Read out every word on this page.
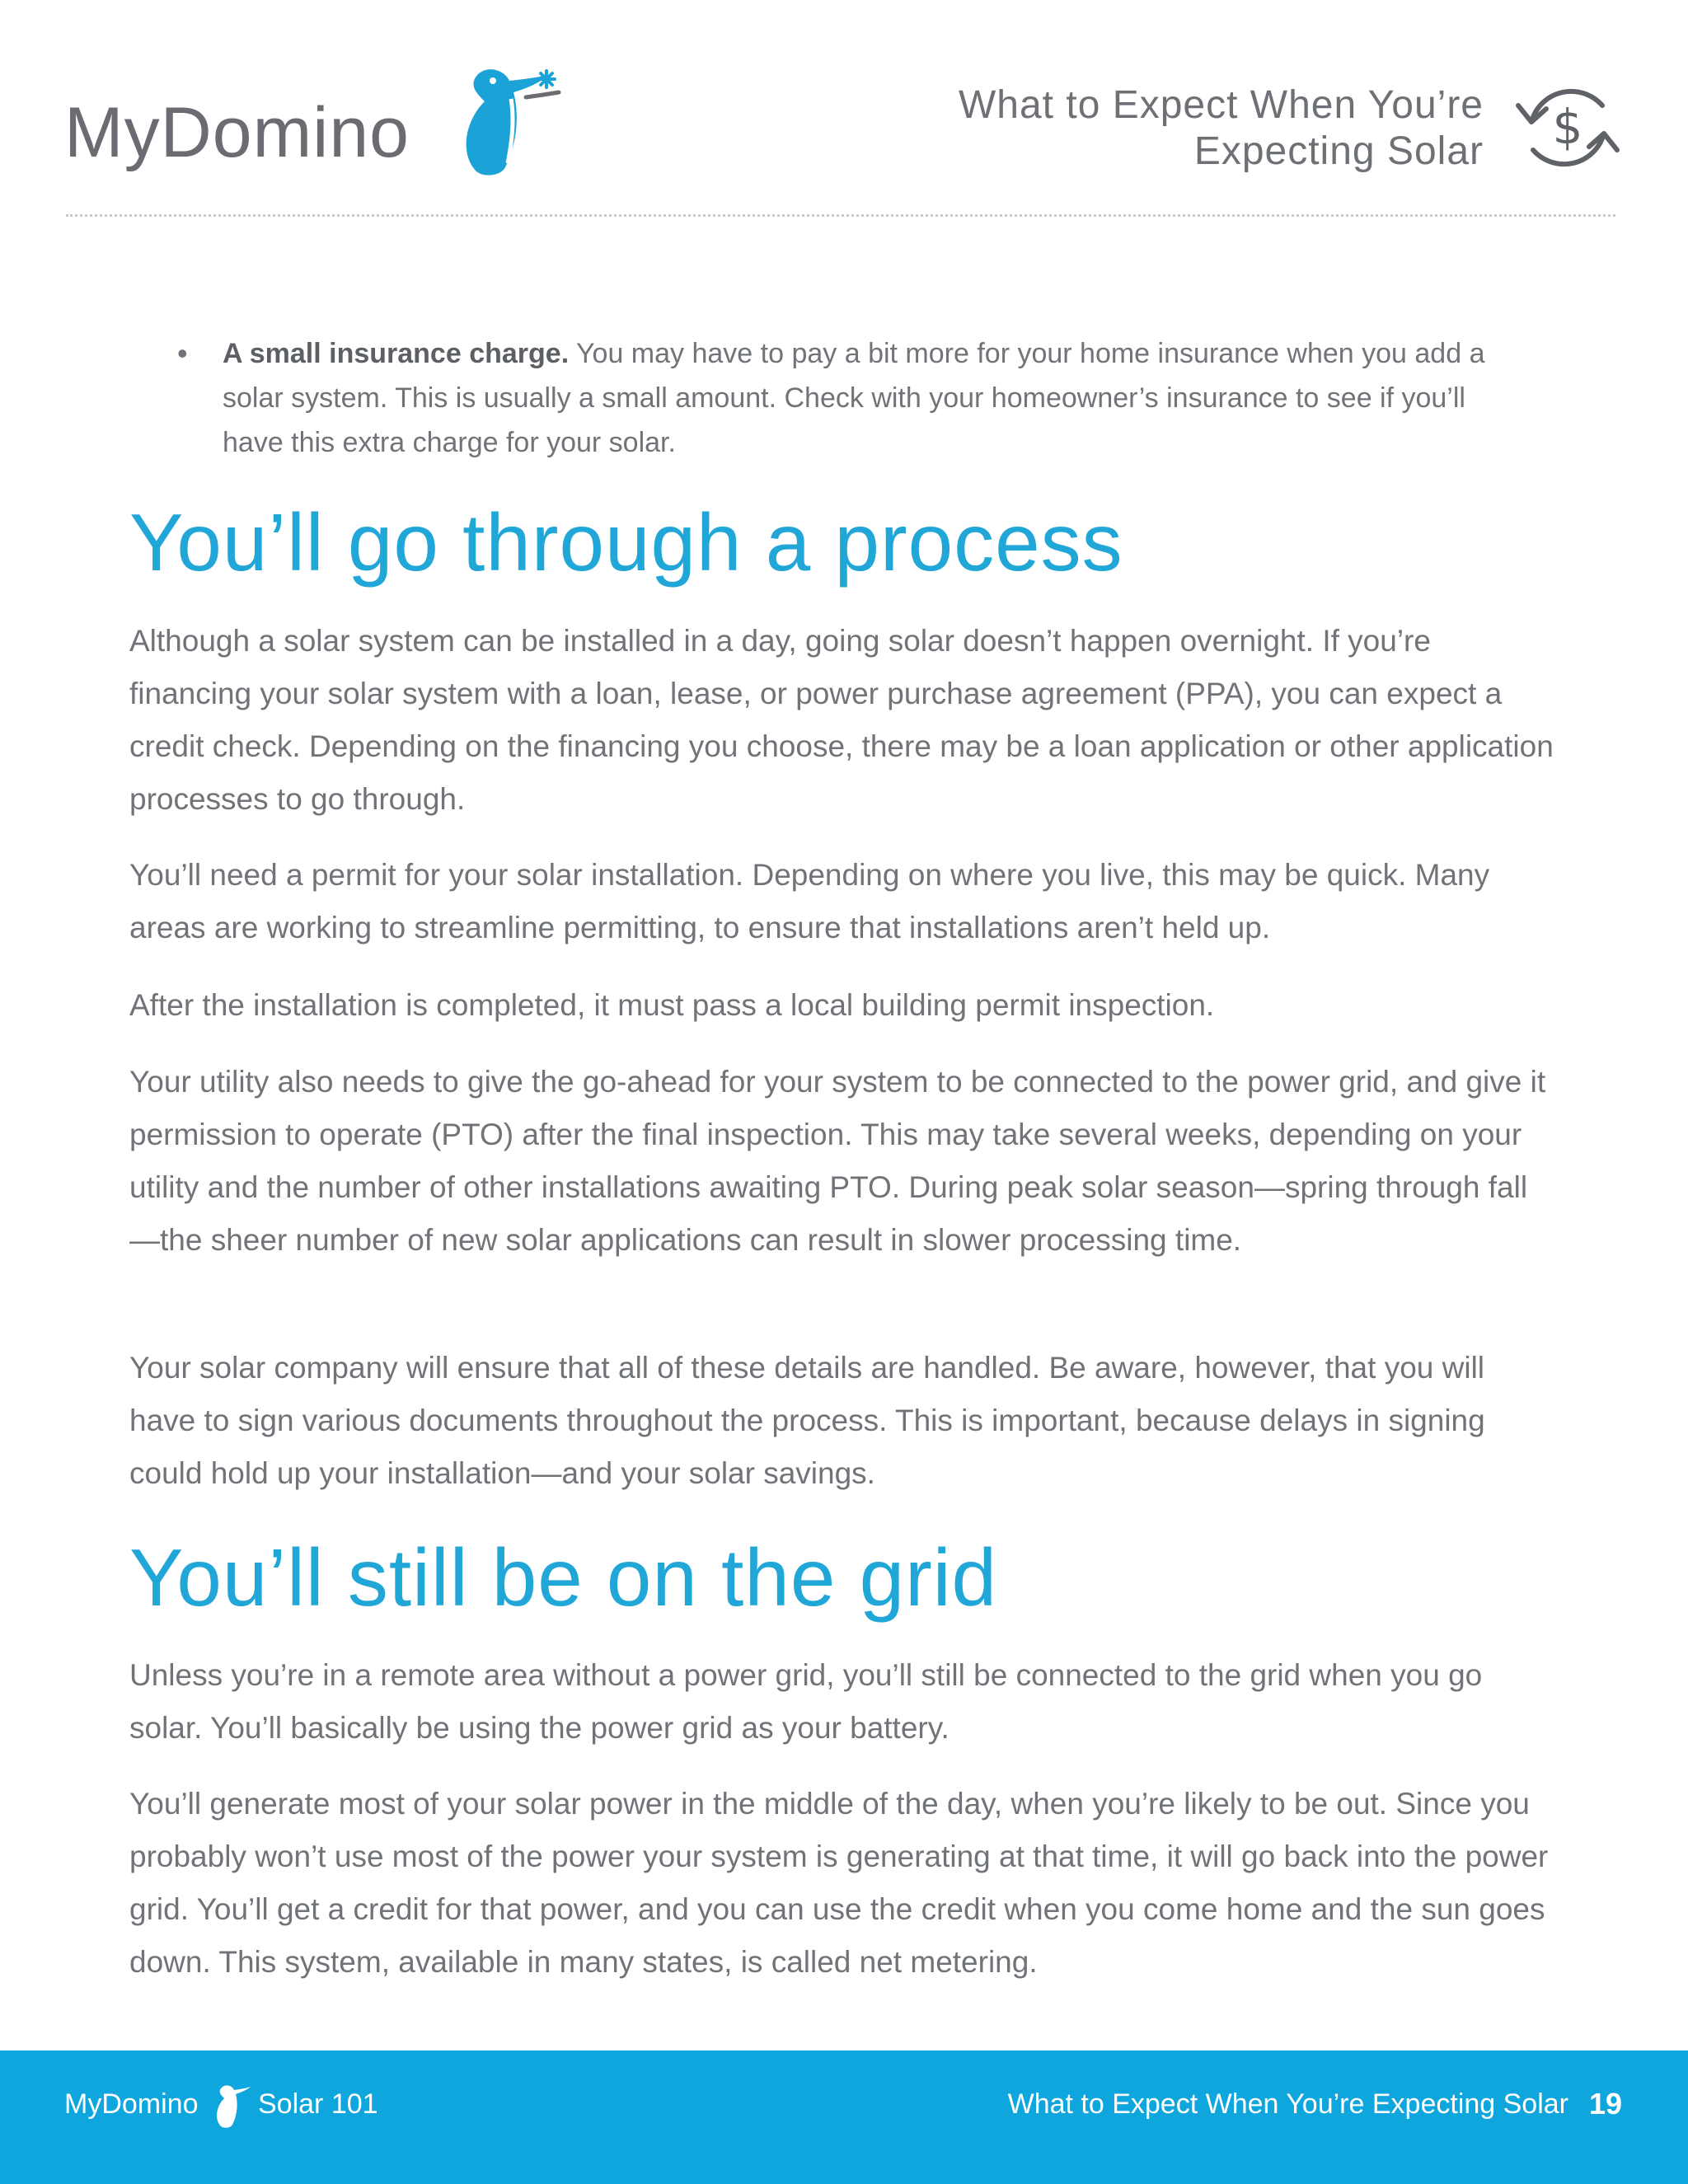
MyDomino	What to Expect When You’re
Expecting Solar $
• A small insurance charge. You may have to pay a bit more for your home insurance when you add a solar system. This is usually a small amount. Check with your homeowner’s insurance to see if you’ll have this extra charge for your solar.
You’ll go through a process

Although a solar system can be installed in a day, going solar doesn’t happen overnight. If you’re financing your solar system with a loan, lease, or power purchase agreement (PPA), you can expect a credit check. Depending on the financing you choose, there may be a loan application or other application processes to go through.

You’ll need a permit for your solar installation. Depending on where you live, this may be quick. Many areas are working to streamline permitting, to ensure that installations aren’t held up.

After the installation is completed, it must pass a local building permit inspection.

Your utility also needs to give the go-ahead for your system to be connected to the power grid, and give it permission to operate (PTO) after the final inspection. This may take several weeks, depending on your utility and the number of other installations awaiting PTO. During peak solar season—spring through fall—the sheer number of new solar applications can result in slower processing time.

Your solar company will ensure that all of these details are handled. Be aware, however, that you will have to sign various documents throughout the process. This is important, because delays in signing could hold up your installation—and your solar savings.

You’ll still be on the grid

Unless you’re in a remote area without a power grid, you’ll still be connected to the grid when you go solar. You’ll basically be using the power grid as your battery.

You’ll generate most of your solar power in the middle of the day, when you’re likely to be out. Since you probably won’t use most of the power your system is generating at that time, it will go back into the power grid. You’ll get a credit for that power, and you can use the credit when you come home and the sun goes down. This system, available in many states, is called net metering.

MyDomino Solar 101	What to Expect When You’re Expecting Solar 19
